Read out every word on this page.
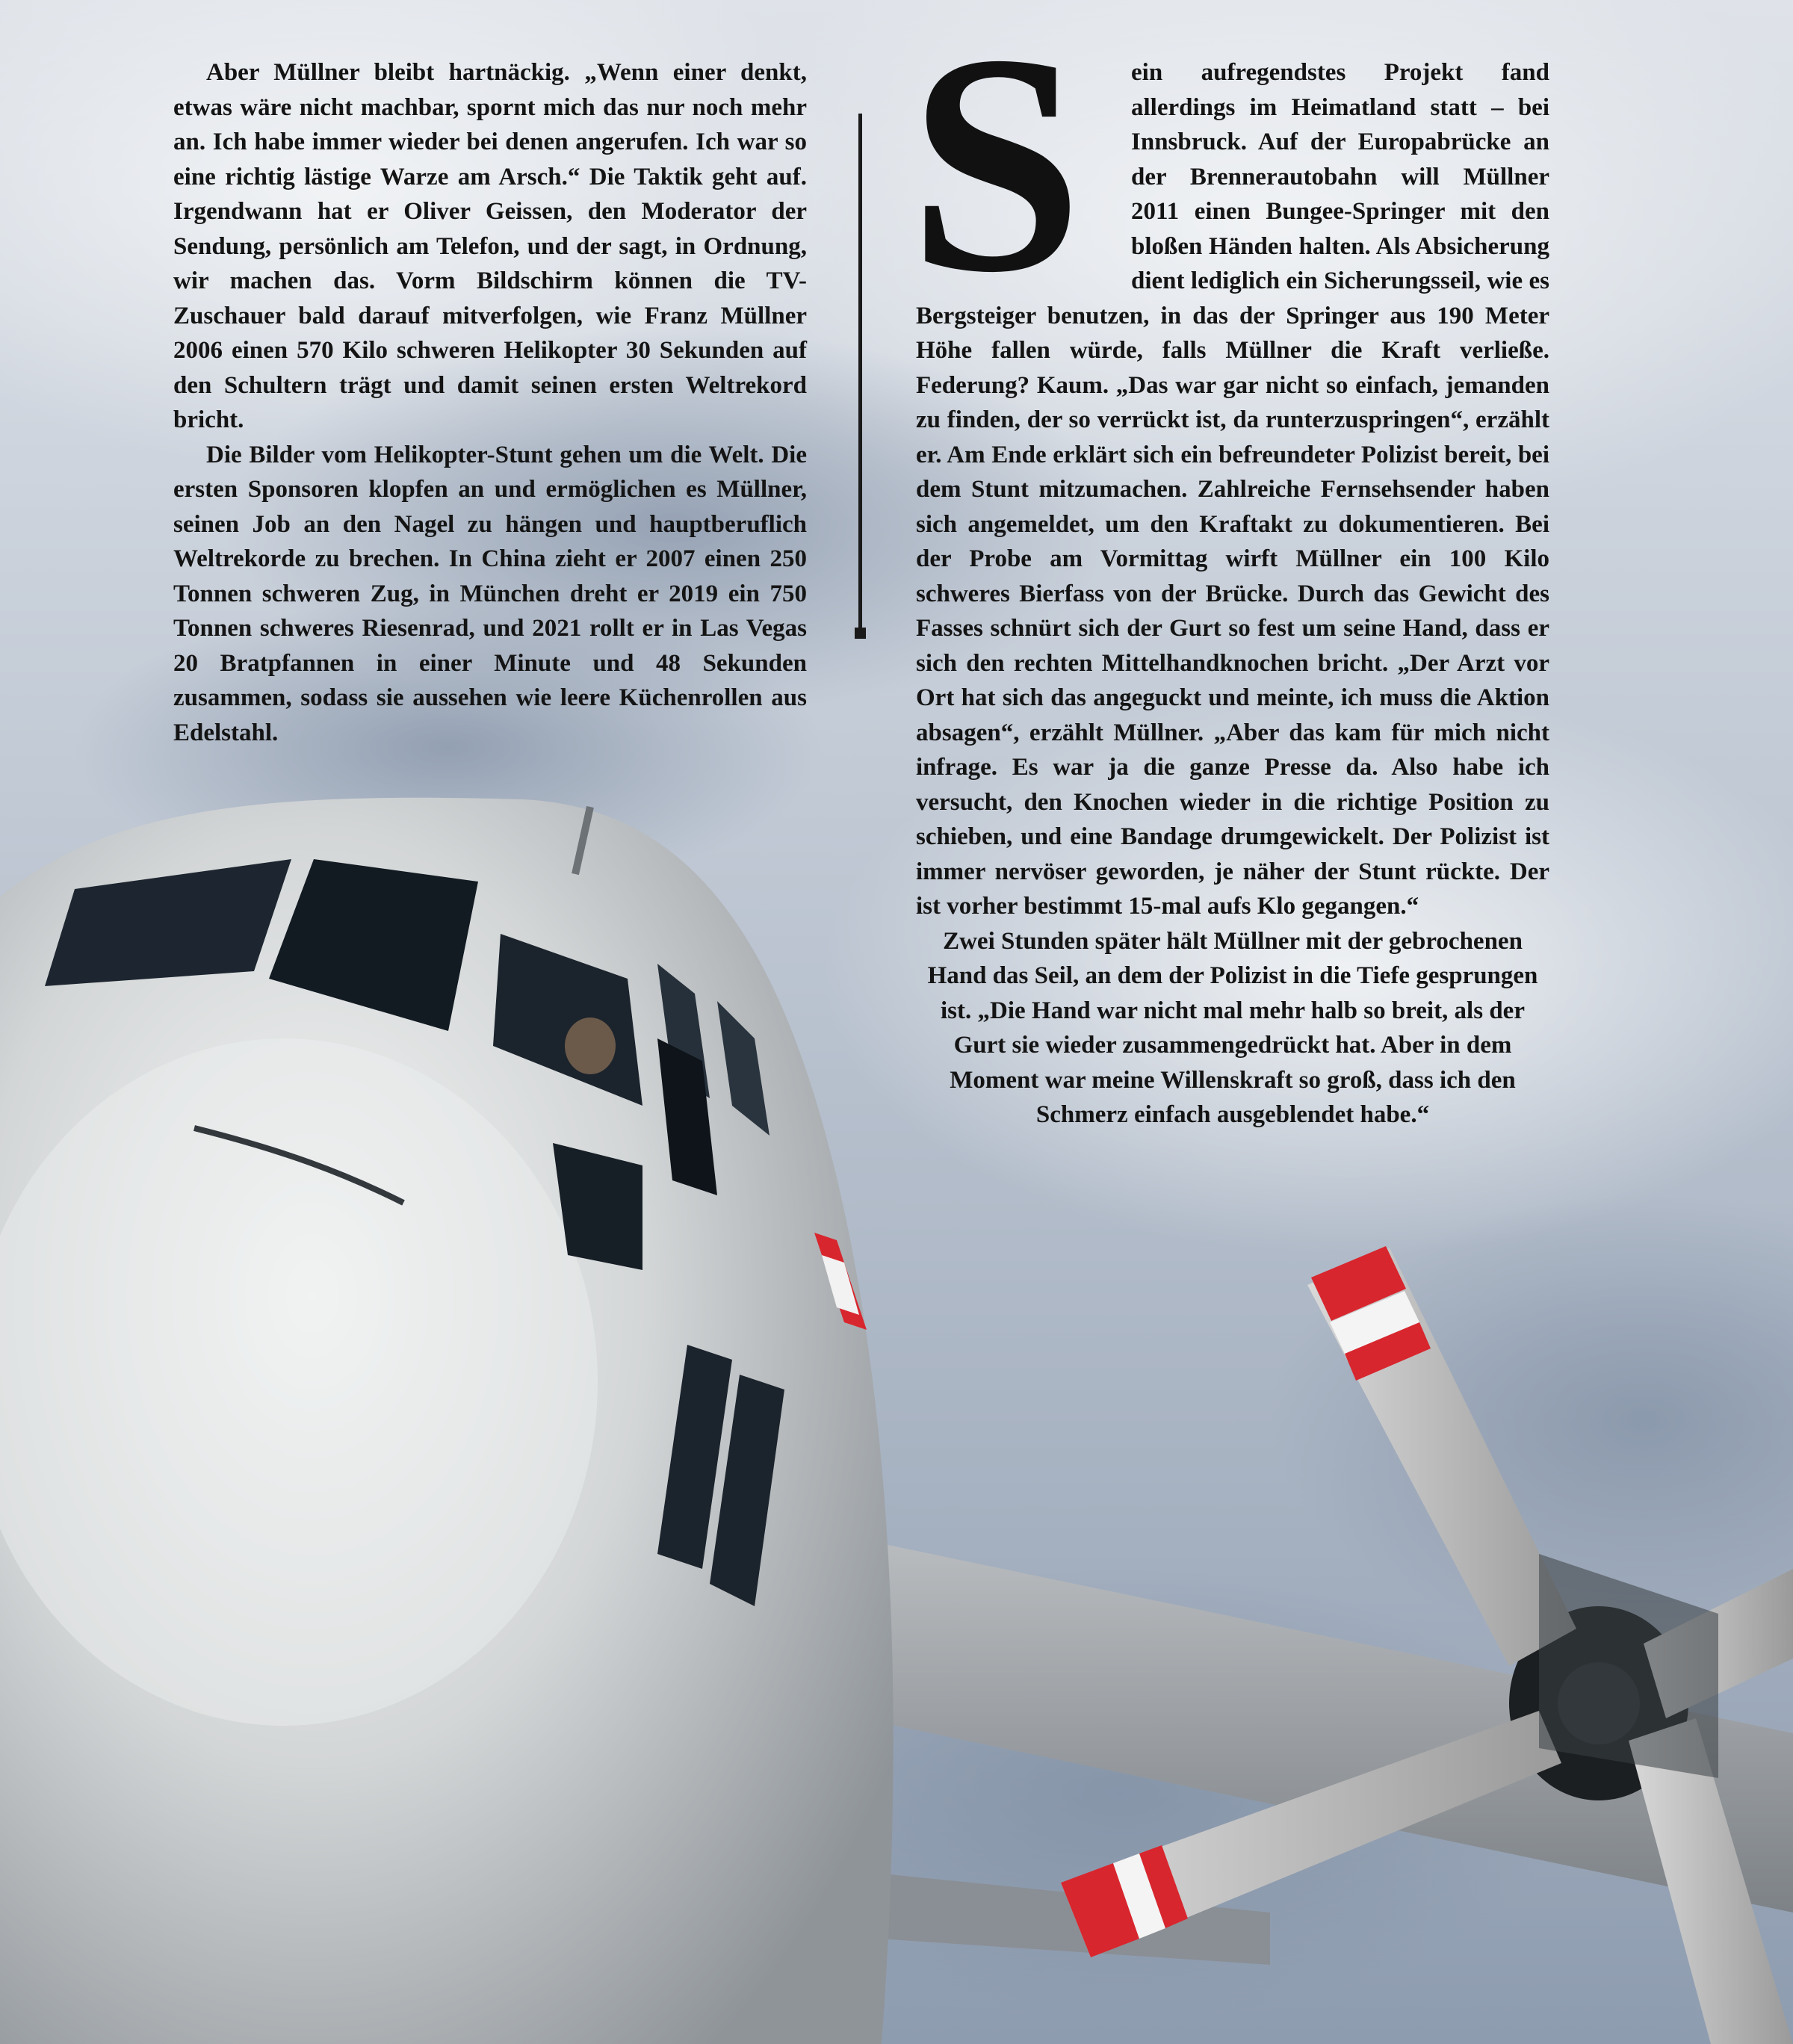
Aber Müllner bleibt hartnäckig. „Wenn einer denkt, etwas wäre nicht machbar, spornt mich das nur noch mehr an. Ich habe immer wieder bei denen angerufen. Ich war so eine richtig lästige Warze am Arsch.“ Die Taktik geht auf. Irgendwann hat er Oliver Geissen, den Moderator der Sendung, persönlich am Telefon, und der sagt, in Ordnung, wir machen das. Vorm Bildschirm können die TV-Zuschauer bald darauf mitverfolgen, wie Franz Müllner 2006 einen 570 Kilo schweren Helikopter 30 Sekunden auf den Schultern trägt und damit seinen ersten Weltrekord bricht.

Die Bilder vom Helikopter-Stunt gehen um die Welt. Die ersten Sponsoren klopfen an und ermöglichen es Müllner, seinen Job an den Nagel zu hängen und hauptberuflich Weltrekorde zu brechen. In China zieht er 2007 einen 250 Tonnen schweren Zug, in München dreht er 2019 ein 750 Tonnen schweres Riesenrad, und 2021 rollt er in Las Vegas 20 Bratpfannen in einer Minute und 48 Sekunden zusammen, sodass sie aussehen wie leere Küchenrollen aus Edelstahl.

S	ein aufregendstes Projekt fand allerdings im Heimatland statt – bei Innsbruck. Auf der Europabrücke an der Brennerautobahn will Müllner 2011 einen Bungee-Springer mit den bloßen Händen halten. Als Absicherung dient lediglich ein Sicherungsseil, wie es Bergsteiger benutzen, in das der Springer aus 190 Meter Höhe fallen würde, falls Müllner die Kraft verließe. Federung? Kaum. „Das war gar nicht so einfach, jemanden zu finden, der so verrückt ist, da runterzuspringen“, erzählt er. Am Ende erklärt sich ein befreundeter Polizist bereit, bei dem Stunt mitzumachen. Zahlreiche Fernsehsender haben sich angemeldet, um den Kraftakt zu dokumentieren. Bei der Probe am Vormittag wirft Müllner ein 100 Kilo schweres Bierfass von der Brücke. Durch das Gewicht des Fasses schnürt sich der Gurt so fest um seine Hand, dass er sich den rechten Mittelhandknochen bricht. „Der Arzt vor Ort hat sich das angeguckt und meinte, ich muss die Aktion absagen“, erzählt Müllner. „Aber das kam für mich nicht infrage. Es war ja die ganze Presse da. Also habe ich versucht, den Knochen wieder in die richtige Position zu schieben, und eine Bandage drumgewickelt. Der Polizist ist immer nervöser geworden, je näher der Stunt rückte. Der ist vorher bestimmt 15-mal aufs Klo gegangen.“

Zwei Stunden später hält Müllner mit der gebrochenen Hand das Seil, an dem der Polizist in die Tiefe gesprungen ist. „Die Hand war nicht mal mehr halb so breit, als der Gurt sie wieder zusammengedrückt hat. Aber in dem Moment war meine Willenskraft so groß, dass ich den Schmerz einfach ausgeblendet habe.“
